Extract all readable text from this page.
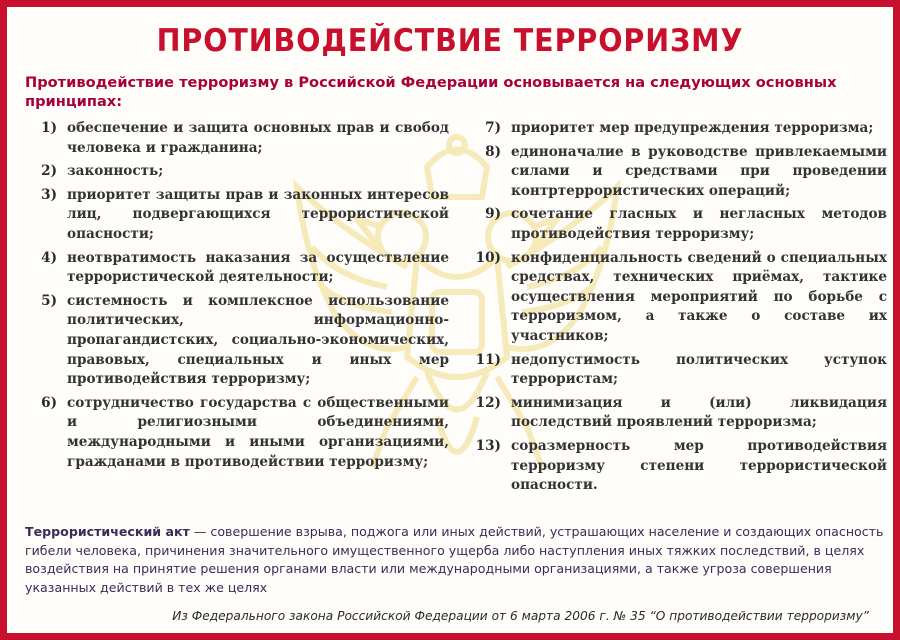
ПРОТИВОДЕЙСТВИЕ ТЕРРОРИЗМУ
Противодействие терроризму в Российской Федерации основывается на следующих основных принципах:
1) обеспечение и защита основных прав и свобод человека и гражданина;
2) законность;
3) приоритет защиты прав и законных интересов лиц, подвергающихся террористической опасности;
4) неотвратимость наказания за осуществление террористической деятельности;
5) системность и комплексное использование политических, информационно-пропагандистских, социально-экономических, правовых, специальных и иных мер противодействия терроризму;
6) сотрудничество государства с общественными и религиозными объединениями, международными и иными организациями, гражданами в противодействии терроризму;
7) приоритет мер предупреждения терроризма;
8) единоначалие в руководстве привлекаемыми силами и средствами при проведении контртеррористических операций;
9) сочетание гласных и негласных методов противодействия терроризму;
10) конфиденциальность сведений о специальных средствах, технических приёмах, тактике осуществления мероприятий по борьбе с терроризмом, а также о составе их участников;
11) недопустимость политических уступок террористам;
12) минимизация и (или) ликвидация последствий проявлений терроризма;
13) соразмерность мер противодействия терроризму степени террористической опасности.
Террористический акт — совершение взрыва, поджога или иных действий, устрашающих население и создающих опасность гибели человека, причинения значительного имущественного ущерба либо наступления иных тяжких последствий, в целях воздействия на принятие решения органами власти или международными организациями, а также угроза совершения указанных действий в тех же целях
Из Федерального закона Российской Федерации от 6 марта 2006 г. № 35 “О противодействии терроризму”
